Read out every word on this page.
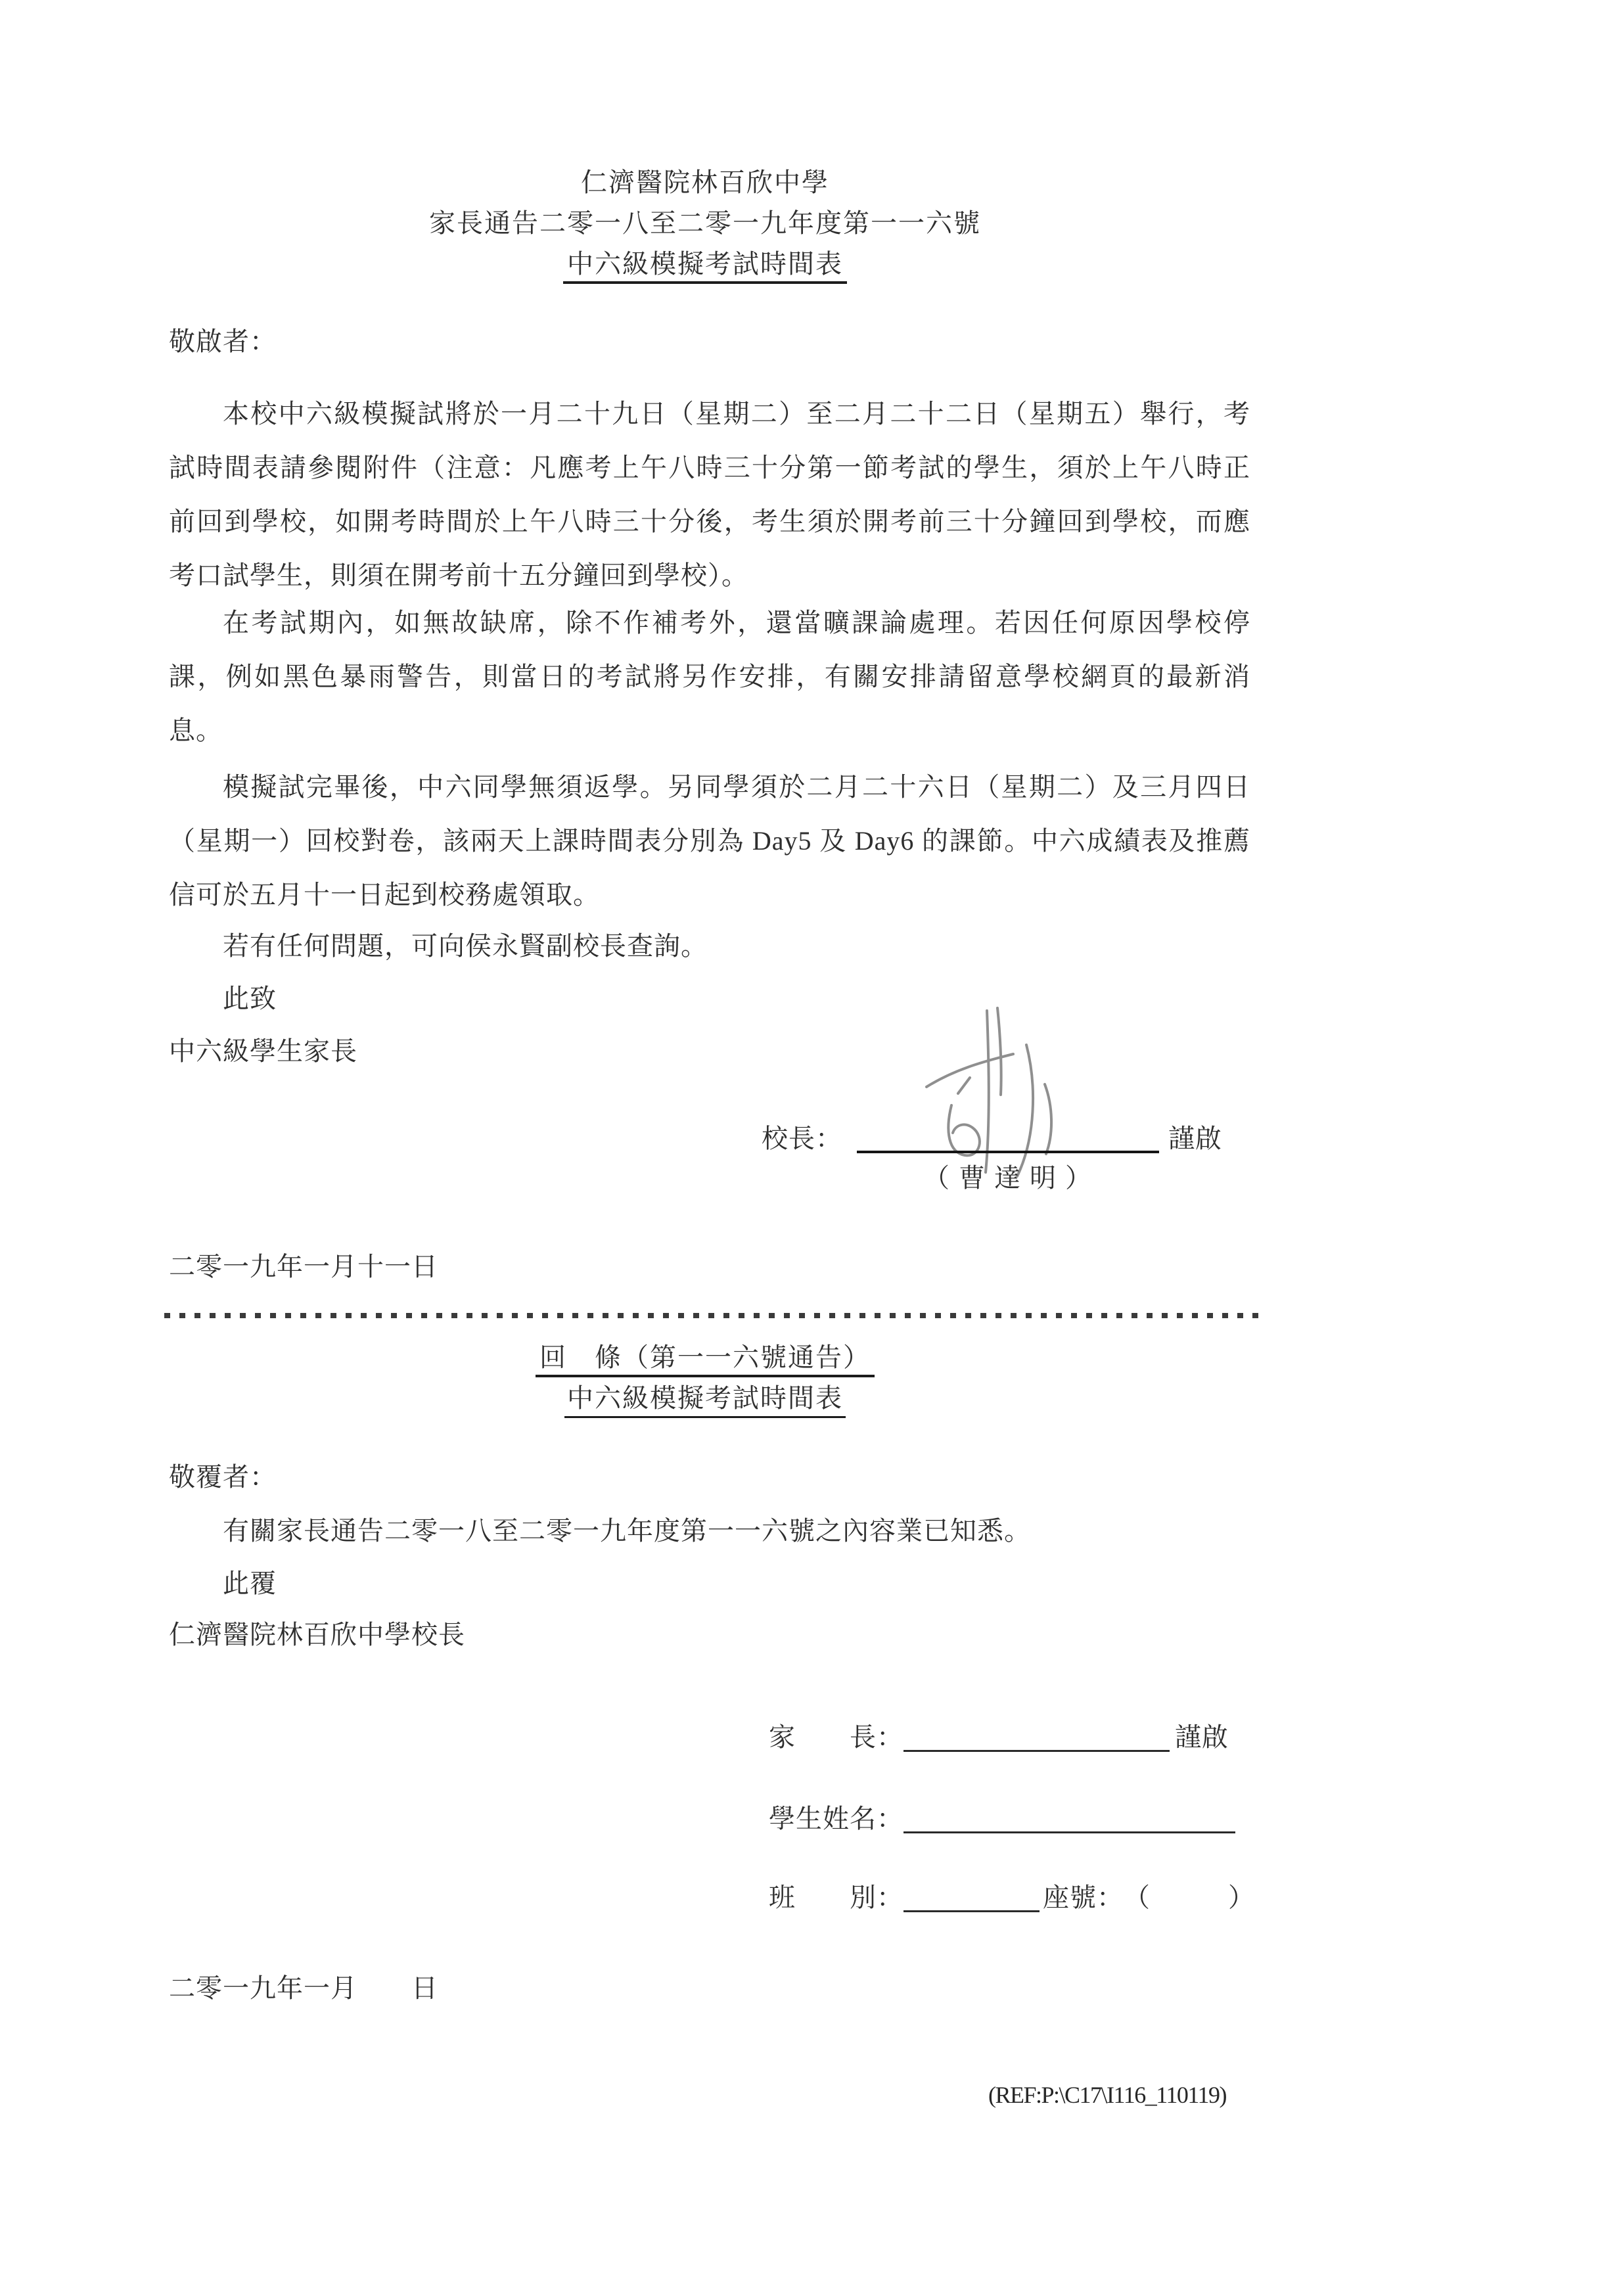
仁濟醫院林百欣中學
家長通告二零一八至二零一九年度第一一六號
中六級模擬考試時間表
敬啟者：
本校中六級模擬試將於一月二十九日（星期二）至二月二十二日（星期五）舉行，考
試時間表請參閱附件（注意：凡應考上午八時三十分第一節考試的學生，須於上午八時正
前回到學校，如開考時間於上午八時三十分後，考生須於開考前三十分鐘回到學校，而應
考口試學生，則須在開考前十五分鐘回到學校）。
在考試期內，如無故缺席，除不作補考外，還當曠課論處理。若因任何原因學校停
課，例如黑色暴雨警告，則當日的考試將另作安排，有關安排請留意學校網頁的最新消
息。
模擬試完畢後，中六同學無須返學。另同學須於二月二十六日（星期二）及三月四日
（星期一）回校對卷，該兩天上課時間表分別為 Day5 及 Day6 的課節。中六成績表及推薦
信可於五月十一日起到校務處領取。
若有任何問題，可向侯永賢副校長查詢。
此致
中六級學生家長
校長：	謹啟
（曹達明）
二零一九年一月十一日
回　條（第一一六號通告）
中六級模擬考試時間表
敬覆者：
有關家長通告二零一八至二零一九年度第一一六號之內容業已知悉。
此覆
仁濟醫院林百欣中學校長
家　　長：	謹啟
學生姓名：
班　　別：	座號： （	）
二零一九年一月　　日
(REF:P:\C17\I116_110119)
